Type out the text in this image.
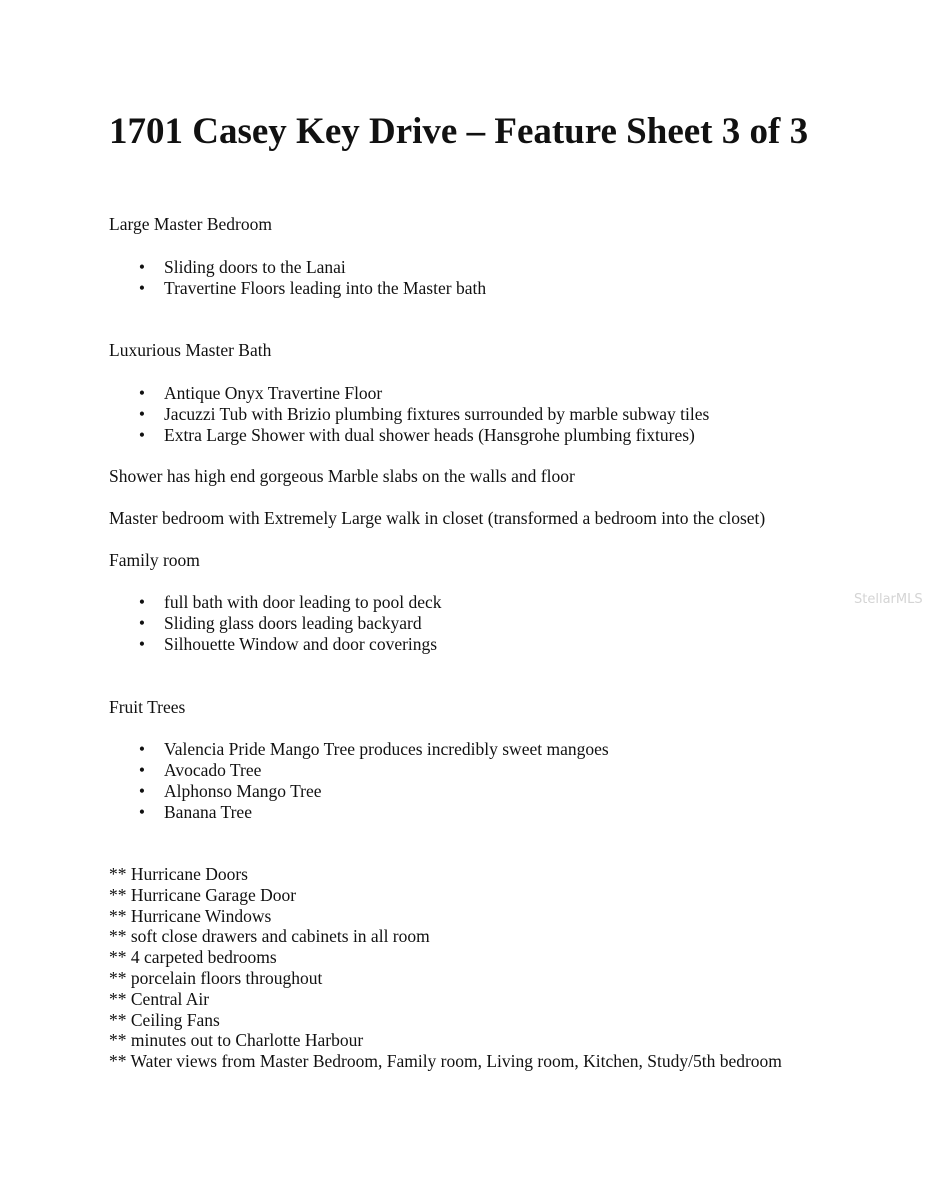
1701 Casey Key Drive – Feature Sheet 3 of 3

Large Master Bedroom

• Sliding doors to the Lanai
• Travertine Floors leading into the Master bath

Luxurious Master Bath

• Antique Onyx Travertine Floor
• Jacuzzi Tub with Brizio plumbing fixtures surrounded by marble subway tiles
• Extra Large Shower with dual shower heads (Hansgrohe plumbing fixtures)

Shower has high end gorgeous Marble slabs on the walls and floor

Master bedroom with Extremely Large walk in closet (transformed a bedroom into the closet)

Family room

• full bath with door leading to pool deck
• Sliding glass doors leading backyard
• Silhouette Window and door coverings

Fruit Trees

• Valencia Pride Mango Tree produces incredibly sweet mangoes
• Avocado Tree
• Alphonso Mango Tree
• Banana Tree
** Hurricane Doors
** Hurricane Garage Door
** Hurricane Windows
** soft close drawers and cabinets in all room
** 4 carpeted bedrooms
** porcelain floors throughout
** Central Air
** Ceiling Fans
** minutes out to Charlotte Harbour
** Water views from Master Bedroom, Family room, Living room, Kitchen, Study/5th bedroom
StellarMLS
